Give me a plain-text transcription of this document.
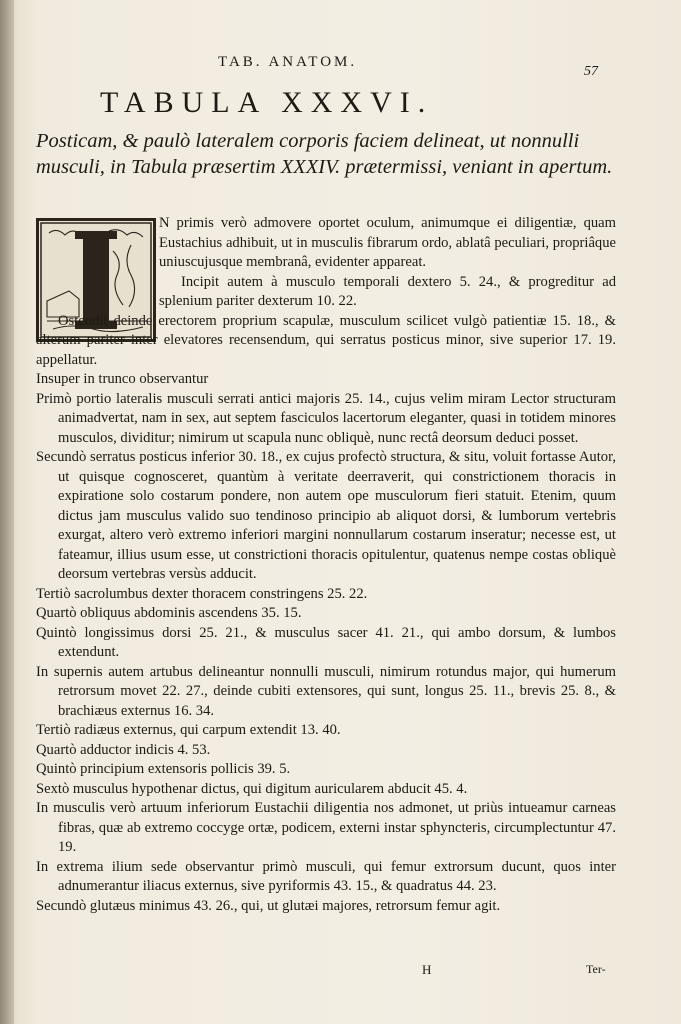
TAB. ANATOM.
57
TABULA XXXVI.
Posticam, & paulò lateralem corporis faciem delineat, ut nonnulli musculi, in Tabula præsertim XXXIV. prætermissi, veniant in apertum.

N primis verò admovere oportet oculum, animumque ei diligentiæ, quam Eustachius adhibuit, ut in musculis fibrarum ordo, ablatâ peculiari, propriâque uniuscujusque membranâ, evidenter appareat.

Incipit autem à musculo temporali dextero 5. 24., & progreditur ad splenium pariter dexterum 10. 22.

Ostendit deinde erectorem proprium scapulæ, musculum scilicet vulgò patientiæ 15. 18., & alterum pariter inter elevatores recensendum, qui serratus posticus minor, sive superior 17. 19. appellatur.

Insuper in trunco observantur

Primò portio lateralis musculi serrati antici majoris 25. 14., cujus velim miram Lector structuram animadvertat, nam in sex, aut septem fasciculos lacertorum eleganter, quasi in totidem minores musculos, dividitur; nimirum ut scapula nunc obliquè, nunc rectâ deorsum deduci posset.

Secundò serratus posticus inferior 30. 18., ex cujus profectò structura, & situ, voluit fortasse Autor, ut quisque cognosceret, quantùm à veritate deerraverit, qui constrictionem thoracis in expiratione solo costarum pondere, non autem ope musculorum fieri statuit. Etenim, quum dictus jam musculus valido suo tendinoso principio ab aliquot dorsi, & lumborum vertebris exurgat, altero verò extremo inferiori margini nonnullarum costarum inseratur; necesse est, ut fateamur, illius usum esse, ut constrictioni thoracis opitulentur, quatenus nempe costas obliquè deorsum vertebras versùs adducit.

Tertiò sacrolumbus dexter thoracem constringens 25. 22.

Quartò obliquus abdominis ascendens 35. 15.

Quintò longissimus dorsi 25. 21., & musculus sacer 41. 21., qui ambo dorsum, & lumbos extendunt.

In supernis autem artubus delineantur nonnulli musculi, nimirum rotundus major, qui humerum retrorsum movet 22. 27., deinde cubiti extensores, qui sunt, longus 25. 11., brevis 25. 8., & brachiæus externus 16. 34.

Tertiò radiæus externus, qui carpum extendit 13. 40.

Quartò adductor indicis 4. 53.

Quintò principium extensoris pollicis 39. 5.

Sextò musculus hypothenar dictus, qui digitum auricularem abducit 45. 4.

In musculis verò artuum inferiorum Eustachii diligentia nos admonet, ut priùs intueamur carneas fibras, quæ ab extremo coccyge ortæ, podicem, externi instar sphyncteris, circumplectuntur 47. 19.

In extrema ilium sede observantur primò musculi, qui femur extrorsum ducunt, quos inter adnumerantur iliacus externus, sive pyriformis 43. 15., & quadratus 44. 23.

Secundò glutæus minimus 43. 26., qui, ut glutæi majores, retrorsum femur agit.

H	Ter-
